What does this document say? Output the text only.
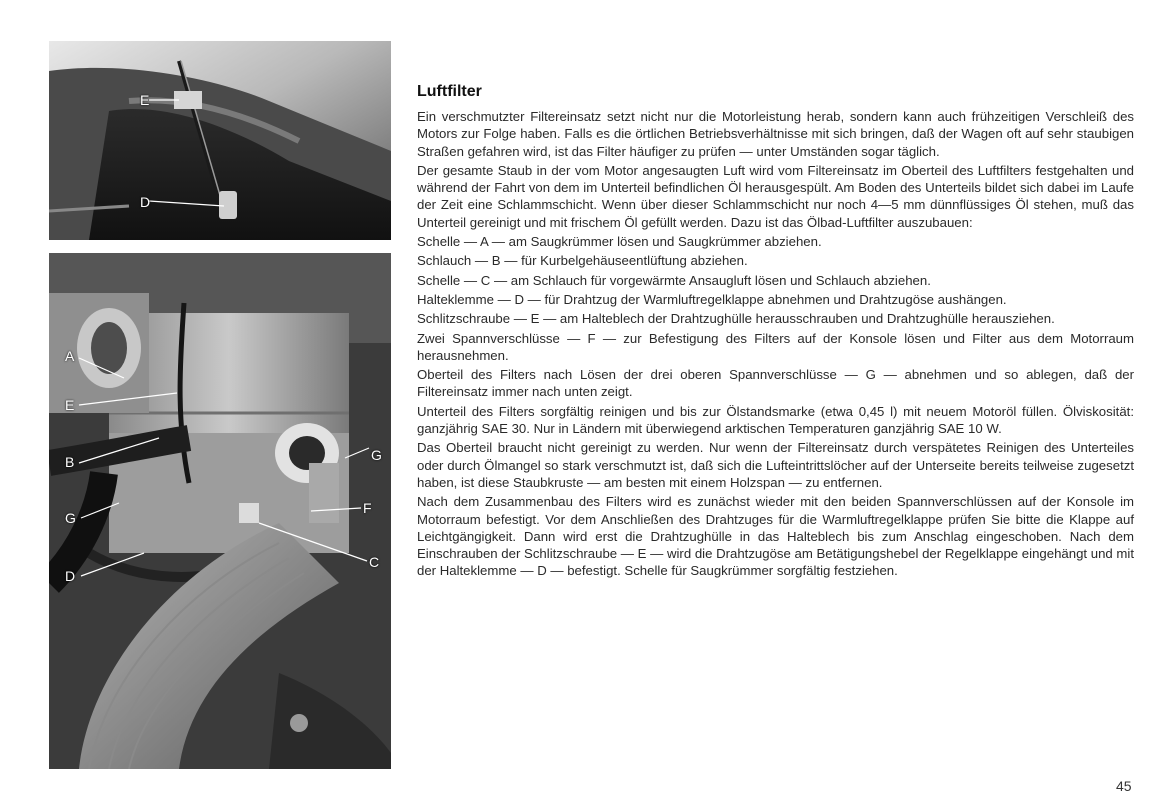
E
D
A
E
B
G
D
G
F
C
Luftfilter

Ein verschmutzter Filtereinsatz setzt nicht nur die Motorleistung herab, sondern kann auch frühzeitigen Verschleiß des Motors zur Folge haben. Falls es die örtlichen Betriebsverhältnisse mit sich bringen, daß der Wagen oft auf sehr staubigen Straßen gefahren wird, ist das Filter häufiger zu prüfen — unter Umständen sogar täglich.

Der gesamte Staub in der vom Motor angesaugten Luft wird vom Filtereinsatz im Oberteil des Luftfilters festgehalten und während der Fahrt von dem im Unterteil befindlichen Öl herausgespült. Am Boden des Unterteils bildet sich dabei im Laufe der Zeit eine Schlammschicht. Wenn über dieser Schlammschicht nur noch 4—5 mm dünnflüssiges Öl stehen, muß das Unterteil gereinigt und mit frischem Öl gefüllt werden. Dazu ist das Ölbad-Luftfilter auszubauen:

Schelle — A — am Saugkrümmer lösen und Saugkrümmer abziehen.

Schlauch — B — für Kurbelgehäuseentlüftung abziehen.

Schelle — C — am Schlauch für vorgewärmte Ansaugluft lösen und Schlauch abziehen.

Halteklemme — D — für Drahtzug der Warmluftregelklappe abnehmen und Drahtzugöse aushängen.

Schlitzschraube — E — am Halteblech der Drahtzughülle herausschrauben und Drahtzughülle herausziehen.

Zwei Spannverschlüsse — F — zur Befestigung des Filters auf der Konsole lösen und Filter aus dem Motorraum herausnehmen.

Oberteil des Filters nach Lösen der drei oberen Spannverschlüsse — G — abnehmen und so ablegen, daß der Filtereinsatz immer nach unten zeigt.

Unterteil des Filters sorgfältig reinigen und bis zur Ölstandsmarke (etwa 0,45 l) mit neuem Motoröl füllen. Ölviskosität: ganzjährig SAE 30. Nur in Ländern mit überwiegend arktischen Temperaturen ganzjährig SAE 10 W.

Das Oberteil braucht nicht gereinigt zu werden. Nur wenn der Filtereinsatz durch verspätetes Reinigen des Unterteiles oder durch Ölmangel so stark verschmutzt ist, daß sich die Lufteintrittslöcher auf der Unterseite bereits teilweise zugesetzt haben, ist diese Staubkruste — am besten mit einem Holzspan — zu entfernen.

Nach dem Zusammenbau des Filters wird es zunächst wieder mit den beiden Spannverschlüssen auf der Konsole im Motorraum befestigt. Vor dem Anschließen des Drahtzuges für die Warmluftregelklappe prüfen Sie bitte die Klappe auf Leichtgängigkeit. Dann wird erst die Drahtzughülle in das Halteblech bis zum Anschlag eingeschoben. Nach dem Einschrauben der Schlitzschraube — E — wird die Drahtzugöse am Betätigungshebel der Regelklappe eingehängt und mit der Halteklemme — D — befestigt. Schelle für Saugkrümmer sorgfältig festziehen.

45
